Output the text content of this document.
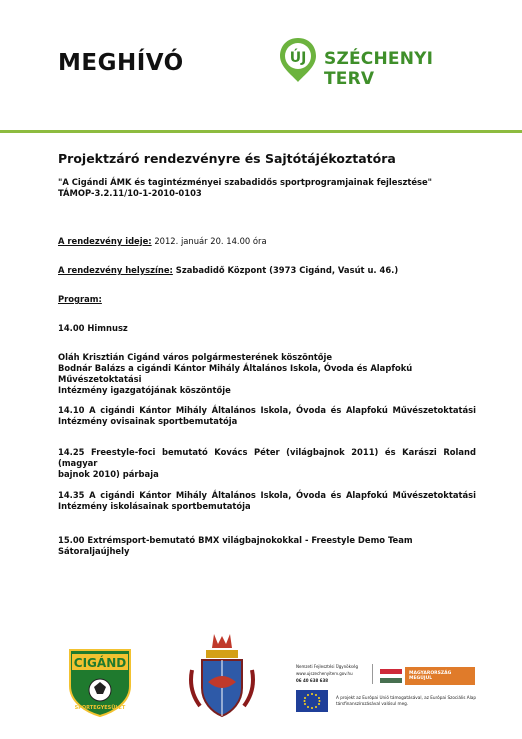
MEGHÍVÓ	ÚJ SZÉCHENYI TERV
Projektzáró rendezvényre és Sajtótájékoztatóra
"A Cigándi ÁMK és tagintézményei szabadidős sportprogramjainak fejlesztése"
TÁMOP-3.2.11/10-1-2010-0103
A rendezvény ideje: 2012. január 20. 14.00 óra
A rendezvény helyszíne: Szabadidő Központ (3973 Cigánd, Vasút u. 46.)
Program:
14.00 Himnusz
Oláh Krisztián Cigánd város polgármesterének köszöntője
Bodnár Balázs a cigándi Kántor Mihály Általános Iskola, Óvoda és Alapfokú Művészetoktatási
Intézmény igazgatójának köszöntője
14.10 A cigándi Kántor Mihály Általános Iskola, Óvoda és Alapfokú Művészetoktatási
Intézmény ovisainak sportbemutatója
14.25 Freestyle-foci bemutató Kovács Péter (világbajnok 2011) és Karászi Roland (magyar
bajnok 2010) párbaja
14.35 A cigándi Kántor Mihály Általános Iskola, Óvoda és Alapfokú Művészetoktatási
Intézmény iskolásainak sportbemutatója
15.00 Extrémsport-bemutató BMX világbajnokokkal - Freestyle Demo Team Sátoraljaújhely
CIGÁND
SPORTEGYESÜLET
Nemzeti Fejlesztési Ügynökség
www.ujszechenyiterv.gov.hu
06 40 638 638
MAGYARORSZÁG MEGÚJUL
A projekt az Európai Unió támogatásával, az Európai Szociális Alap társfinanszírozásával valósul meg.
